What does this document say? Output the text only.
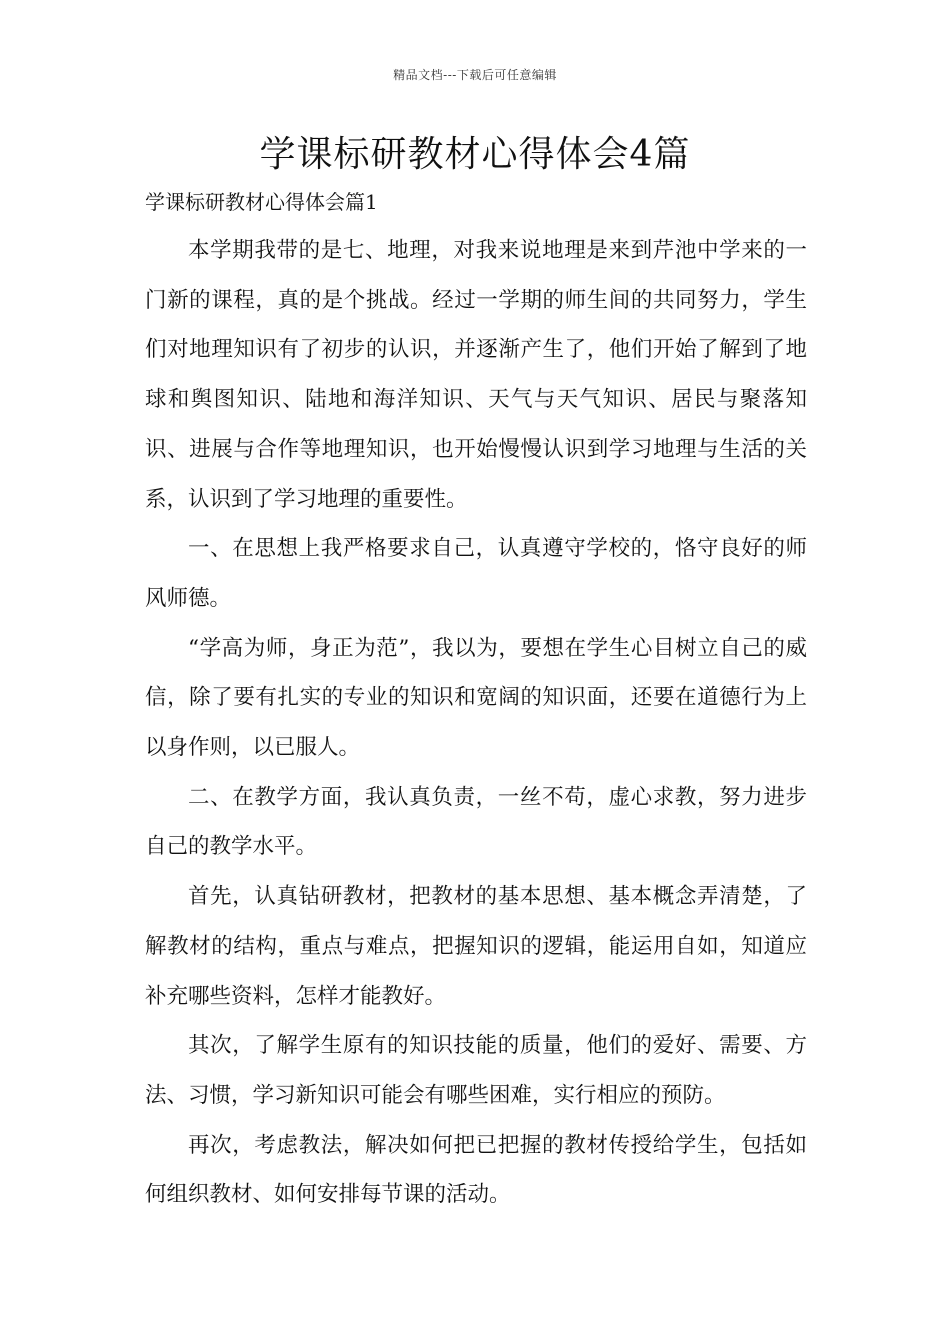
精品文档---下载后可任意编辑
学课标研教材心得体会4篇
学课标研教材心得体会篇1

本学期我带的是七、地理，对我来说地理是来到芹池中学来的一门新的课程，真的是个挑战。经过一学期的师生间的共同努力，学生们对地理知识有了初步的认识，并逐渐产生了，他们开始了解到了地球和舆图知识、陆地和海洋知识、天气与天气知识、居民与聚落知识、进展与合作等地理知识，也开始慢慢认识到学习地理与生活的关系，认识到了学习地理的重要性。

一、在思想上我严格要求自己，认真遵守学校的，恪守良好的师风师德。

“学高为师，身正为范”，我以为，要想在学生心目树立自己的威信，除了要有扎实的专业的知识和宽阔的知识面，还要在道德行为上以身作则，以已服人。

二、在教学方面，我认真负责，一丝不苟，虚心求教，努力进步自己的教学水平。

首先，认真钻研教材，把教材的基本思想、基本概念弄清楚，了解教材的结构，重点与难点，把握知识的逻辑，能运用自如，知道应补充哪些资料，怎样才能教好。

其次，了解学生原有的知识技能的质量，他们的爱好、需要、方法、习惯，学习新知识可能会有哪些困难，实行相应的预防。

再次，考虑教法，解决如何把已把握的教材传授给学生，包括如何组织教材、如何安排每节课的活动。
